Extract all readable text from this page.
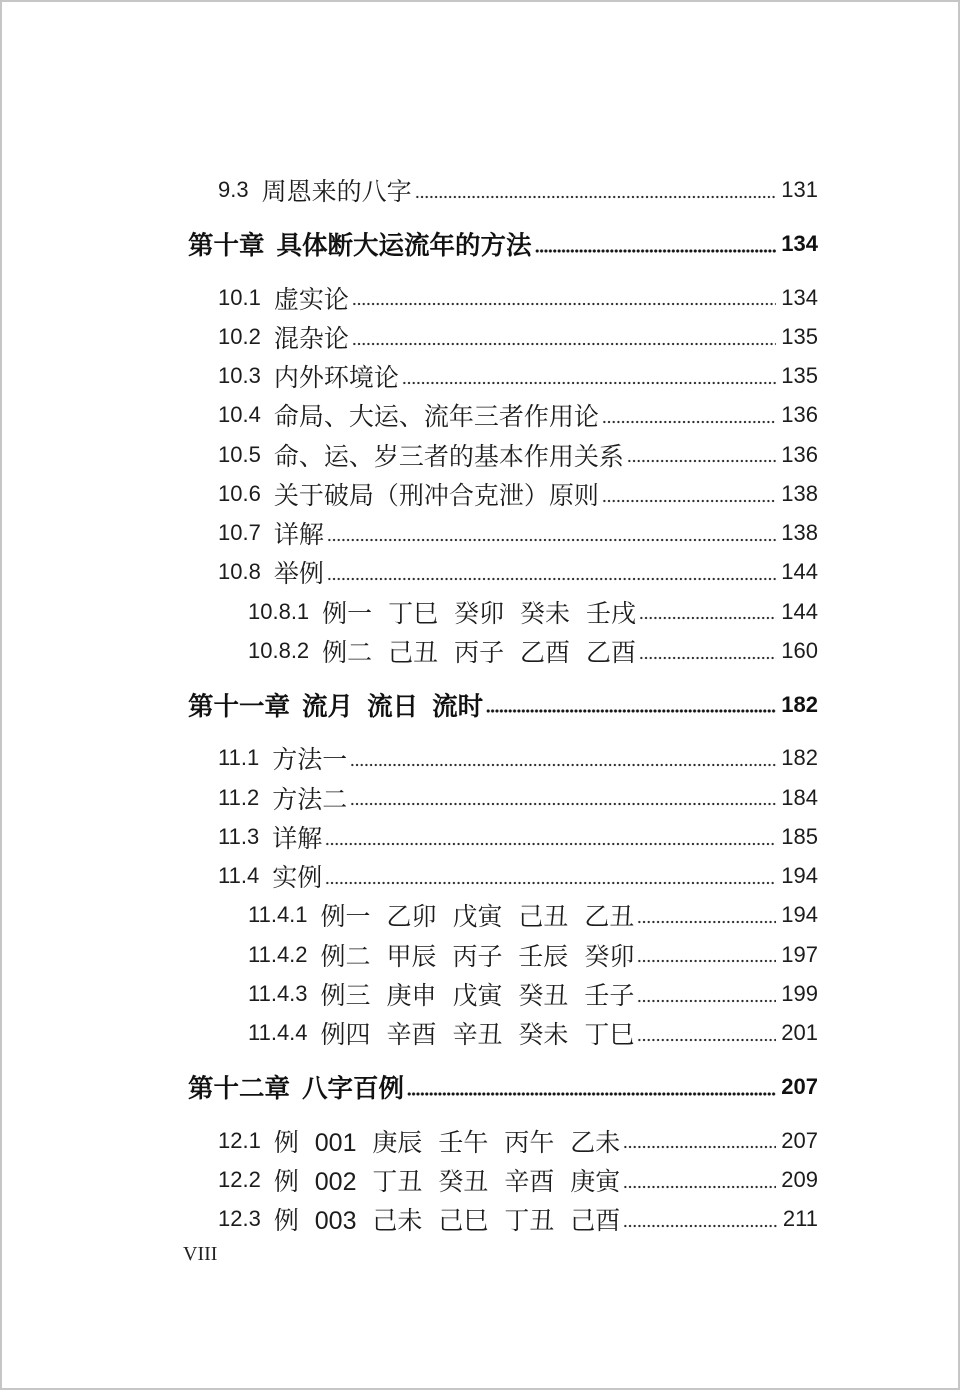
9.3 周恩来的八字	131
第十章 具体断大运流年的方法	134
10.1 虚实论	134
10.2 混杂论	135
10.3 内外环境论	135
10.4 命局、大运、流年三者作用论	136
10.5 命、运、岁三者的基本作用关系	136
10.6 关于破局（刑冲合克泄）原则	138
10.7 详解	138
10.8 举例	144
10.8.1 例一 丁巳 癸卯 癸未 壬戌	144
10.8.2 例二 己丑 丙子 乙酉 乙酉	160
第十一章 流月 流日 流时	182
11.1 方法一	182
11.2 方法二	184
11.3 详解	185
11.4 实例	194
11.4.1 例一 乙卯 戊寅 己丑 乙丑	194
11.4.2 例二 甲辰 丙子 壬辰 癸卯	197
11.4.3 例三 庚申 戊寅 癸丑 壬子	199
11.4.4 例四 辛酉 辛丑 癸未 丁巳	201
第十二章 八字百例	207
12.1 例 001 庚辰 壬午 丙午 乙未	207
12.2 例 002 丁丑 癸丑 辛酉 庚寅	209
12.3 例 003 己未 己巳 丁丑 己酉	211
VIII
